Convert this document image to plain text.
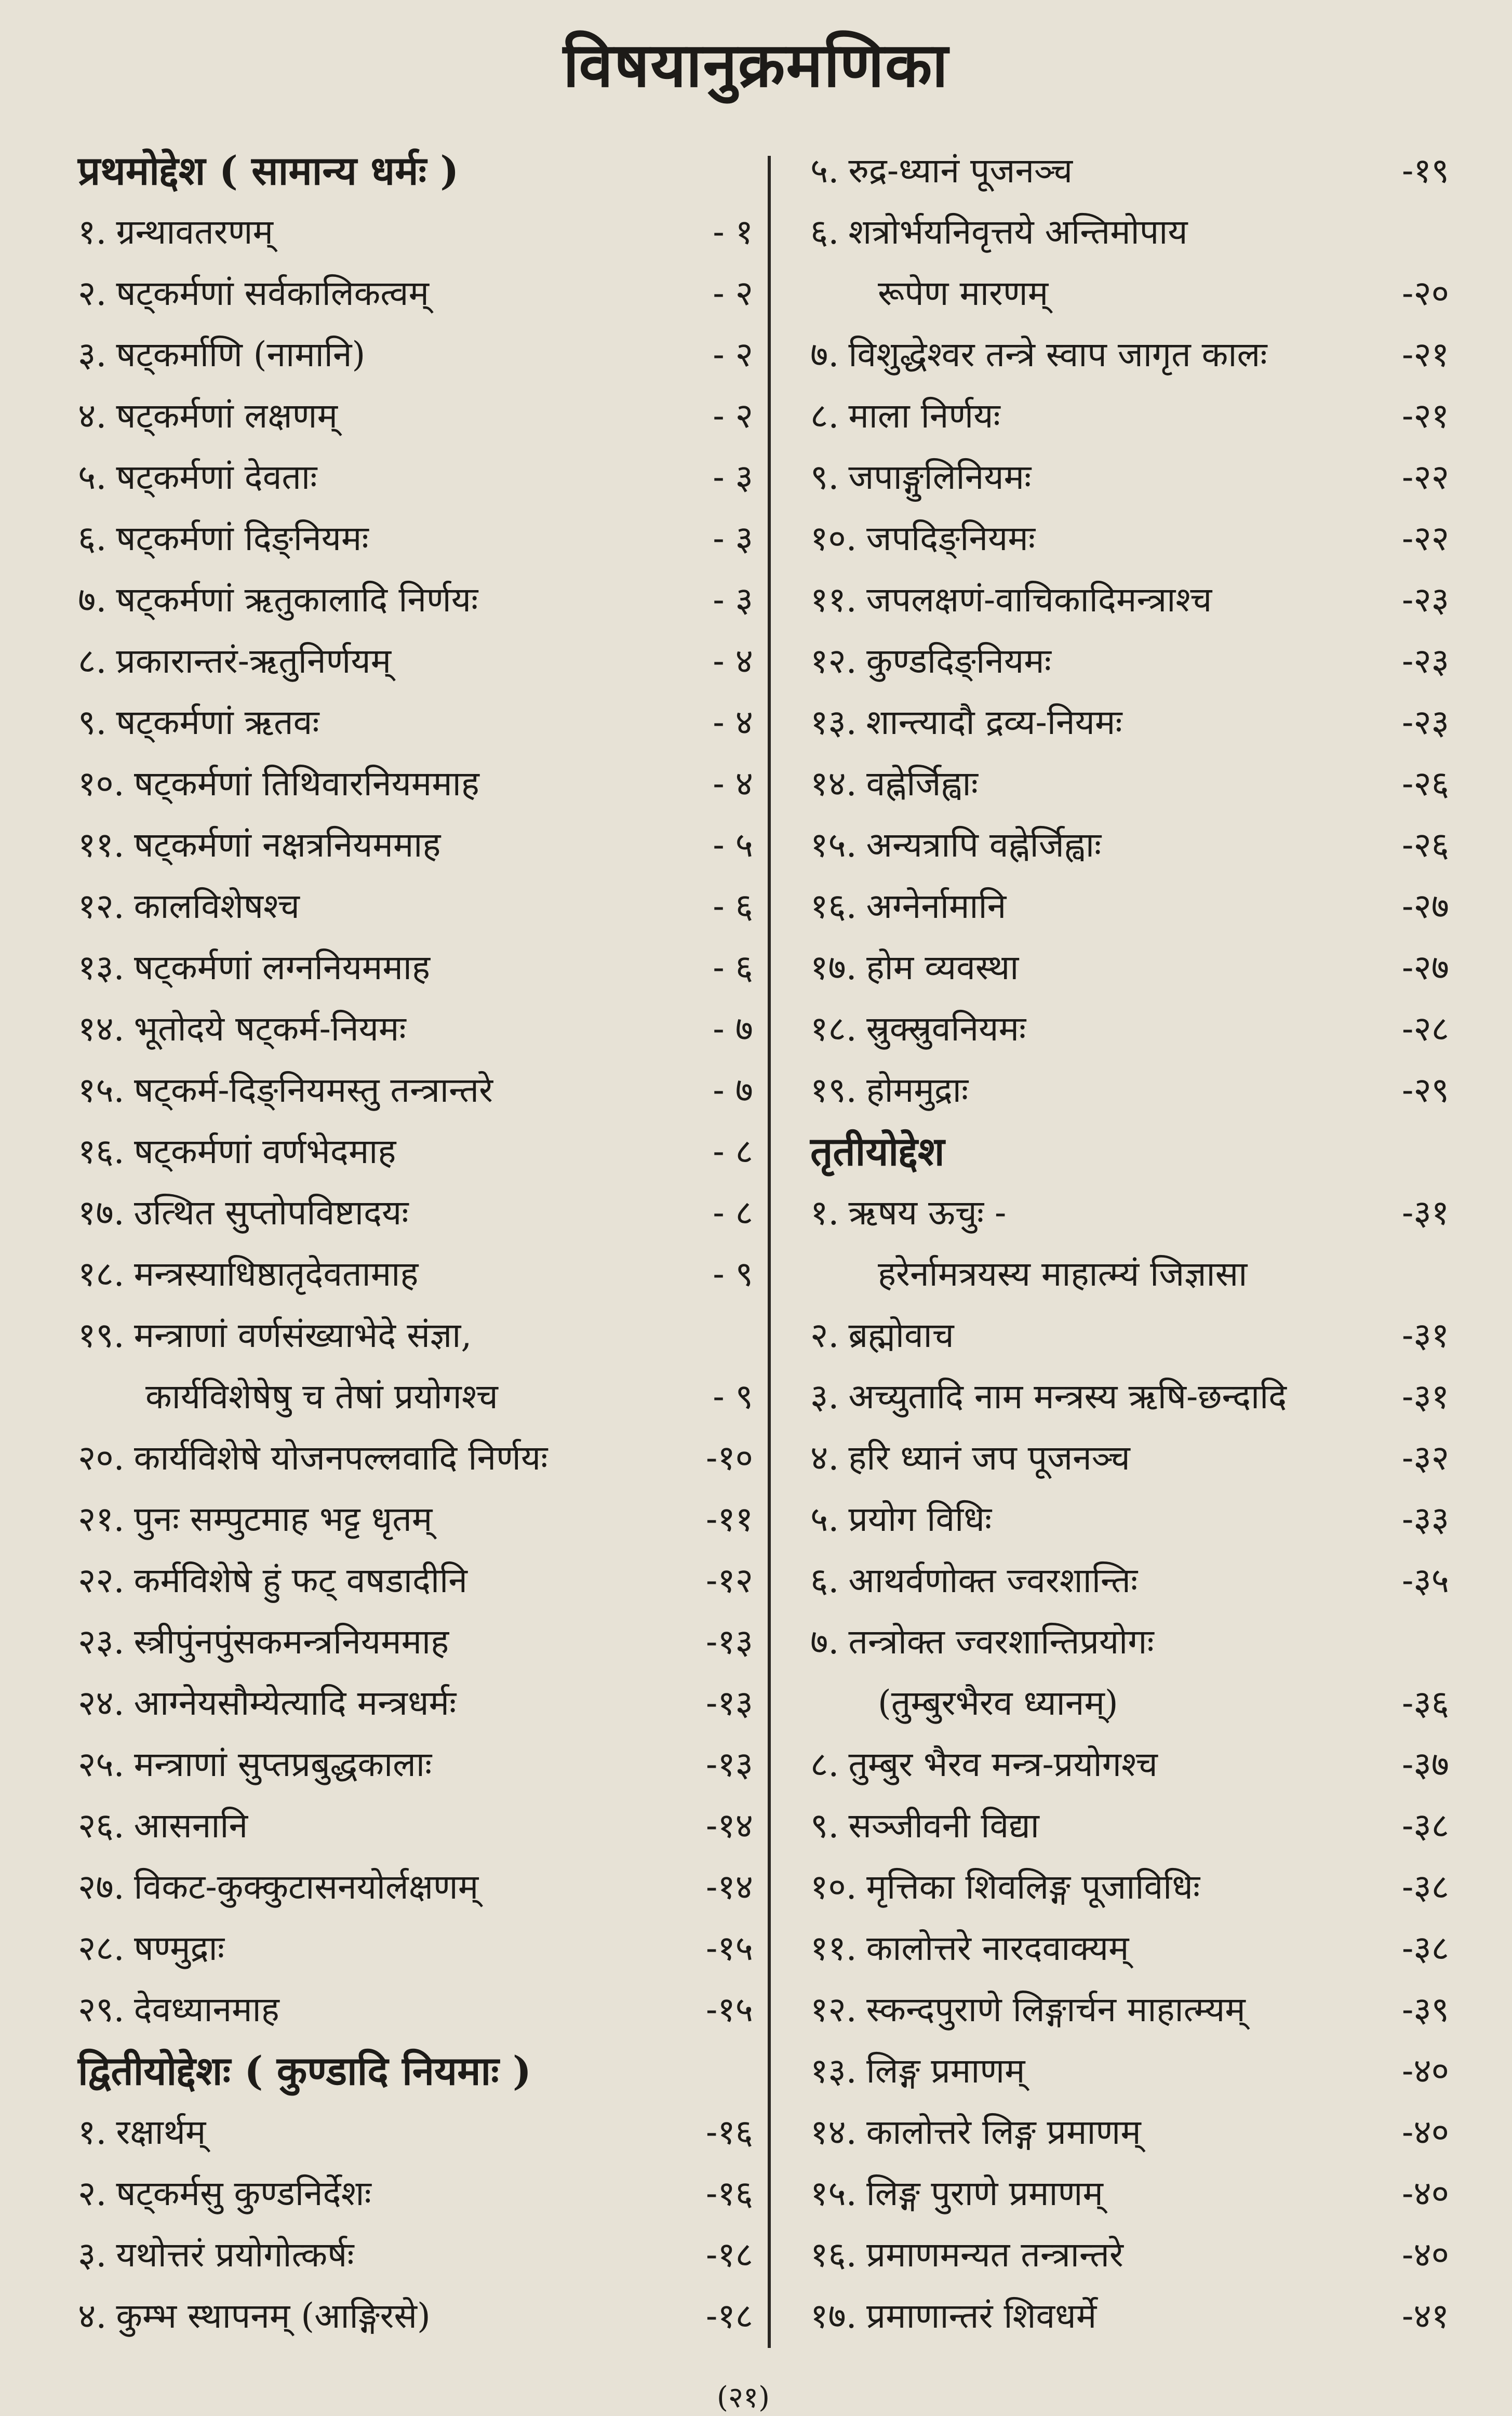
विषयानुक्रमणिका
प्रथमोद्देश ( सामान्य धर्मः )
१. ग्रन्थावतरणम्	- १
२. षट्कर्मणां सर्वकालिकत्वम्	- २
३. षट्कर्माणि (नामानि)	- २
४. षट्कर्मणां लक्षणम्	- २
५. षट्कर्मणां देवताः	- ३
६. षट्कर्मणां दिङ्नियमः	- ३
७. षट्कर्मणां ऋतुकालादि निर्णयः	- ३
८. प्रकारान्तरं-ऋतुनिर्णयम्	- ४
९. षट्कर्मणां ऋतवः	- ४
१०. षट्कर्मणां तिथिवारनियममाह	- ४
११. षट्कर्मणां नक्षत्रनियममाह	- ५
१२. कालविशेषश्च	- ६
१३. षट्कर्मणां लग्ननियममाह	- ६
१४. भूतोदये षट्कर्म-नियमः	- ७
१५. षट्कर्म-दिङ्नियमस्तु तन्त्रान्तरे	- ७
१६. षट्कर्मणां वर्णभेदमाह	- ८
१७. उत्थित सुप्तोपविष्टादयः	- ८
१८. मन्त्रस्याधिष्ठातृदेवतामाह	- ९
१९. मन्त्राणां वर्णसंख्याभेदे संज्ञा,
कार्यविशेषेषु च तेषां प्रयोगश्च	- ९
२०. कार्यविशेषे योजनपल्लवादि निर्णयः	-१०
२१. पुनः सम्पुटमाह भट्ट धृतम्	-११
२२. कर्मविशेषे हुं फट् वषडादीनि	-१२
२३. स्त्रीपुंनपुंसकमन्त्रनियममाह	-१३
२४. आग्नेयसौम्येत्यादि मन्त्रधर्मः	-१३
२५. मन्त्राणां सुप्तप्रबुद्धकालाः	-१३
२६. आसनानि	-१४
२७. विकट-कुक्कुटासनयोर्लक्षणम्	-१४
२८. षण्मुद्राः	-१५
२९. देवध्यानमाह	-१५
द्वितीयोद्देशः ( कुण्डादि नियमाः )
१. रक्षार्थम्	-१६
२. षट्कर्मसु कुण्डनिर्देशः	-१६
३. यथोत्तरं प्रयोगोत्कर्षः	-१८
४. कुम्भ स्थापनम् (आङ्गिरसे)	-१८
५. रुद्र-ध्यानं पूजनञ्च	-१९
६. शत्रोर्भयनिवृत्तये अन्तिमोपाय
रूपेण मारणम्	-२०
७. विशुद्धेश्वर तन्त्रे स्वाप जागृत कालः	-२१
८. माला निर्णयः	-२१
९. जपाङ्गुलिनियमः	-२२
१०. जपदिङ्नियमः	-२२
११. जपलक्षणं-वाचिकादिमन्त्राश्च	-२३
१२. कुण्डदिङ्नियमः	-२३
१३. शान्त्यादौ द्रव्य-नियमः	-२३
१४. वह्नेर्जिह्वाः	-२६
१५. अन्यत्रापि वह्नेर्जिह्वाः	-२६
१६. अग्नेर्नामानि	-२७
१७. होम व्यवस्था	-२७
१८. स्रुक्स्रुवनियमः	-२८
१९. होममुद्राः	-२९
तृतीयोद्देश
१. ऋषय ऊचुः -	-३१
हरेर्नामत्रयस्य माहात्म्यं जिज्ञासा
२. ब्रह्मोवाच	-३१
३. अच्युतादि नाम मन्त्रस्य ऋषि-छन्दादि	-३१
४. हरि ध्यानं जप पूजनञ्च	-३२
५. प्रयोग विधिः	-३३
६. आथर्वणोक्त ज्वरशान्तिः	-३५
७. तन्त्रोक्त ज्वरशान्तिप्रयोगः
(तुम्बुरभैरव ध्यानम्)	-३६
८. तुम्बुर भैरव मन्त्र-प्रयोगश्च	-३७
९. सञ्जीवनी विद्या	-३८
१०. मृत्तिका शिवलिङ्ग पूजाविधिः	-३८
११. कालोत्तरे नारदवाक्यम्	-३८
१२. स्कन्दपुराणे लिङ्गार्चन माहात्म्यम्	-३९
१३. लिङ्ग प्रमाणम्	-४०
१४. कालोत्तरे लिङ्ग प्रमाणम्	-४०
१५. लिङ्ग पुराणे प्रमाणम्	-४०
१६. प्रमाणमन्यत तन्त्रान्तरे	-४०
१७. प्रमाणान्तरं शिवधर्मे	-४१
(२१)
